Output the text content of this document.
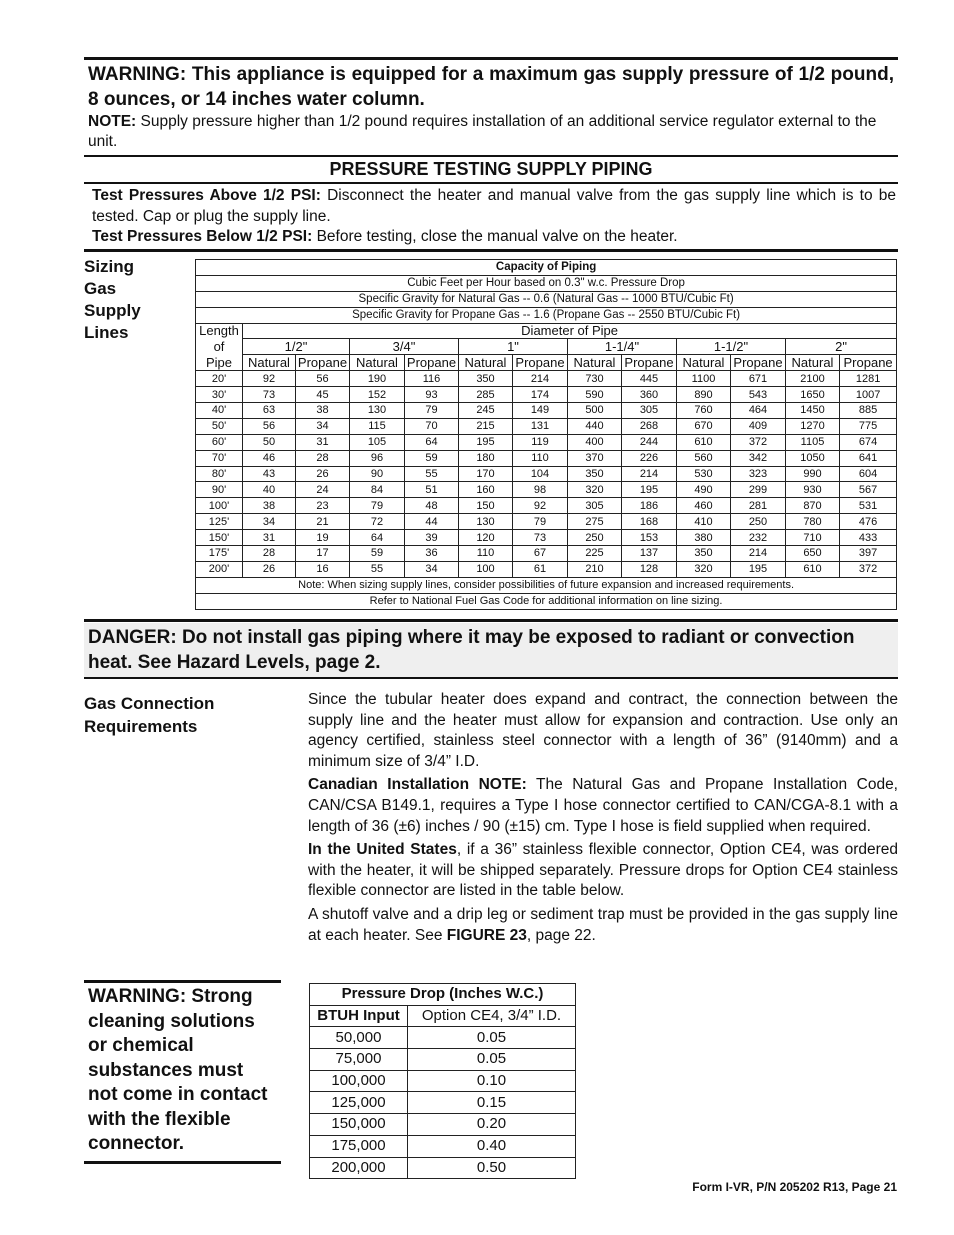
WARNING: This appliance is equipped for a maximum gas supply pressure of 1/2 pound, 8 ounces, or 14 inches water column.
NOTE: Supply pressure higher than 1/2 pound requires installation of an additional service regulator external to the unit.
PRESSURE TESTING SUPPLY PIPING
Test Pressures Above 1/2 PSI: Disconnect the heater and manual valve from the gas supply line which is to be tested. Cap or plug the supply line.
Test Pressures Below 1/2 PSI: Before testing, close the manual valve on the heater.
Sizing
Gas
Supply
Lines
Capacity of Piping												
Cubic Feet per Hour based on 0.3" w.c. Pressure Drop												
Specific Gravity for Natural Gas -- 0.6 (Natural Gas -- 1000 BTU/Cubic Ft)												
Specific Gravity for Propane Gas -- 1.6 (Propane Gas -- 2550 BTU/Cubic Ft)												
Length	Diameter of Pipe											
of	1/2"		3/4"		1"		1-1/4"		1-1/2"		2"	
Pipe	Natural	Propane	Natural	Propane	Natural	Propane	Natural	Propane	Natural	Propane	Natural	Propane
20'	92	56	190	116	350	214	730	445	1100	671	2100	1281
30'	73	45	152	93	285	174	590	360	890	543	1650	1007
40'	63	38	130	79	245	149	500	305	760	464	1450	885
50'	56	34	115	70	215	131	440	268	670	409	1270	775
60'	50	31	105	64	195	119	400	244	610	372	1105	674
70'	46	28	96	59	180	110	370	226	560	342	1050	641
80'	43	26	90	55	170	104	350	214	530	323	990	604
90'	40	24	84	51	160	98	320	195	490	299	930	567
100'	38	23	79	48	150	92	305	186	460	281	870	531
125'	34	21	72	44	130	79	275	168	410	250	780	476
150'	31	19	64	39	120	73	250	153	380	232	710	433
175'	28	17	59	36	110	67	225	137	350	214	650	397
200'	26	16	55	34	100	61	210	128	320	195	610	372
Note: When sizing supply lines, consider possibilities of future expansion and increased requirements.												
Refer to National Fuel Gas Code for additional information on line sizing.												
DANGER: Do not install gas piping where it may be exposed to radiant or convection heat. See Hazard Levels, page 2.
Gas Connection
Requirements

Since the tubular heater does expand and contract, the connection between the supply line and the heater must allow for expansion and contraction. Use only an agency certified, stainless steel connector with a length of 36” (9140mm) and a minimum size of 3/4” I.D.

Canadian Installation NOTE: The Natural Gas and Propane Installation Code, CAN/CSA B149.1, requires a Type I hose connector certified to CAN/CGA-8.1 with a length of 36 (±6) inches / 90 (±15) cm. Type I hose is field supplied when required.

In the United States, if a 36” stainless flexible connector, Option CE4, was ordered with the heater, it will be shipped separately. Pressure drops for Option CE4 stainless flexible connector are listed in the table below.

A shutoff valve and a drip leg or sediment trap must be provided in the gas supply line at each heater. See FIGURE 23, page 22.

WARNING: Strong cleaning solutions or chemical substances must not come in contact with the flexible connector.
Pressure Drop (Inches W.C.)	
BTUH Input	Option CE4, 3/4” I.D.
50,000	0.05
75,000	0.05
100,000	0.10
125,000	0.15
150,000	0.20
175,000	0.40
200,000	0.50
Form I-VR, P/N 205202 R13, Page 21
